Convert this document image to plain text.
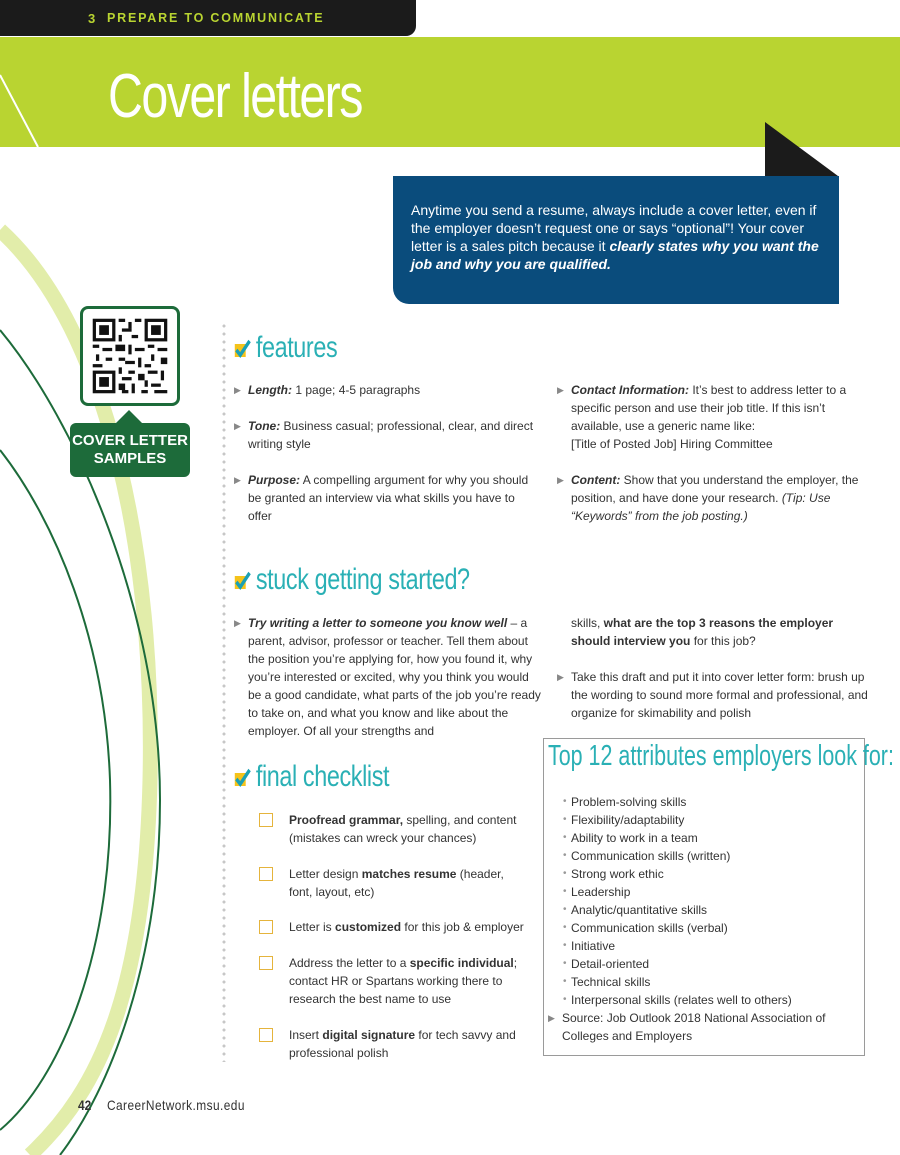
3 PREPARE TO COMMUNICATE
Cover letters
Anytime you send a resume, always include a cover letter, even if the employer doesn’t request one or says “optional”! Your cover letter is a sales pitch because it clearly states why you want the job and why you are qualified.
COVER LETTER
SAMPLES
features
▶ Length: 1 page; 4-5 paragraphs
▶ Tone: Business casual; professional, clear, and direct writing style
▶ Purpose: A compelling argument for why you should be granted an interview via what skills you have to offer
▶ Contact Information: It’s best to address letter to a specific person and use their job title. If this isn’t available, use a generic name like:
[Title of Posted Job] Hiring Committee
▶ Content: Show that you understand the employer, the position, and have done your research. (Tip: Use “Keywords” from the job posting.)
stuck getting started?
▶ Try writing a letter to someone you know well – a parent, advisor, professor or teacher. Tell them about the position you’re applying for, how you found it, why you’re interested or excited, why you think you would be a good candidate, what parts of the job you’re ready to take on, and what you know and like about the employer. Of all your strengths and
skills, what are the top 3 reasons the employer should interview you for this job?
▶ Take this draft and put it into cover letter form: brush up the wording to sound more formal and professional, and organize for skimability and polish
final checklist
Proofread grammar, spelling, and content (mistakes can wreck your chances)
Letter design matches resume (header, font, layout, etc)
Letter is customized for this job & employer
Address the letter to a specific individual; contact HR or Spartans working there to research the best name to use
Insert digital signature for tech savvy and professional polish
Top 12 attributes employers look for:
• Problem-solving skills
• Flexibility/adaptability
• Ability to work in a team
• Communication skills (written)
• Strong work ethic
• Leadership
• Analytic/quantitative skills
• Communication skills (verbal)
• Initiative
• Detail-oriented
• Technical skills
• Interpersonal skills (relates well to others)
▶ Source: Job Outlook 2018 National Association of Colleges and Employers
42 CareerNetwork.msu.edu
